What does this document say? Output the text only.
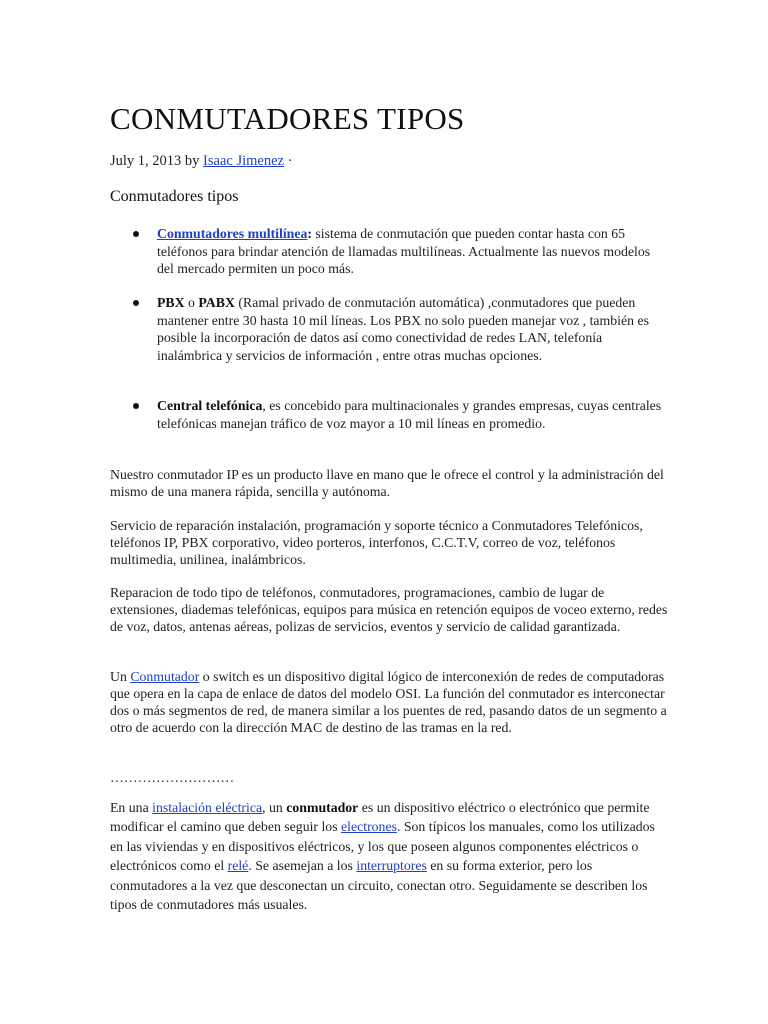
CONMUTADORES TIPOS
July 1, 2013 by Isaac Jimenez ·
Conmutadores tipos
Conmutadores multilínea: sistema de conmutación que pueden contar hasta con 65 teléfonos para brindar atención de llamadas multilíneas. Actualmente las nuevos modelos del mercado permiten un poco más.
PBX o PABX (Ramal privado de conmutación automática) ,conmutadores que pueden mantener entre 30 hasta 10 mil líneas. Los PBX no solo pueden manejar voz , también es posible la incorporación de datos así como conectividad de redes LAN, telefonía inalámbrica y servicios de información , entre otras muchas opciones.
Central telefónica, es concebido para multinacionales y grandes empresas, cuyas centrales telefónicas manejan tráfico de voz mayor a 10 mil líneas en promedio.

Nuestro conmutador IP es un producto llave en mano que le ofrece el control y la administración del mismo de una manera rápida, sencilla y autónoma.

Servicio de reparación instalación, programación y soporte técnico a Conmutadores Telefónicos, teléfonos IP, PBX corporativo, video porteros, interfonos, C.C.T.V, correo de voz, teléfonos multimedia, unilinea, inalámbricos.

Reparacion de todo tipo de teléfonos, conmutadores, programaciones, cambio de lugar de extensiones, diademas telefónicas, equipos para música en retención equipos de voceo externo, redes de voz, datos, antenas aéreas, polizas de servicios, eventos y servicio de calidad garantizada.

Un Conmutador o switch es un dispositivo digital lógico de interconexión de redes de computadoras que opera en la capa de enlace de datos del modelo OSI. La función del conmutador es interconectar dos o más segmentos de red, de manera similar a los puentes de red, pasando datos de un segmento a otro de acuerdo con la dirección MAC de destino de las tramas en la red.

………………………

En una instalación eléctrica, un conmutador es un dispositivo eléctrico o electrónico que permite modificar el camino que deben seguir los electrones. Son típicos los manuales, como los utilizados en las viviendas y en dispositivos eléctricos, y los que poseen algunos componentes eléctricos o electrónicos como el relé. Se asemejan a los interruptores en su forma exterior, pero los conmutadores a la vez que desconectan un circuito, conectan otro. Seguidamente se describen los tipos de conmutadores más usuales.
